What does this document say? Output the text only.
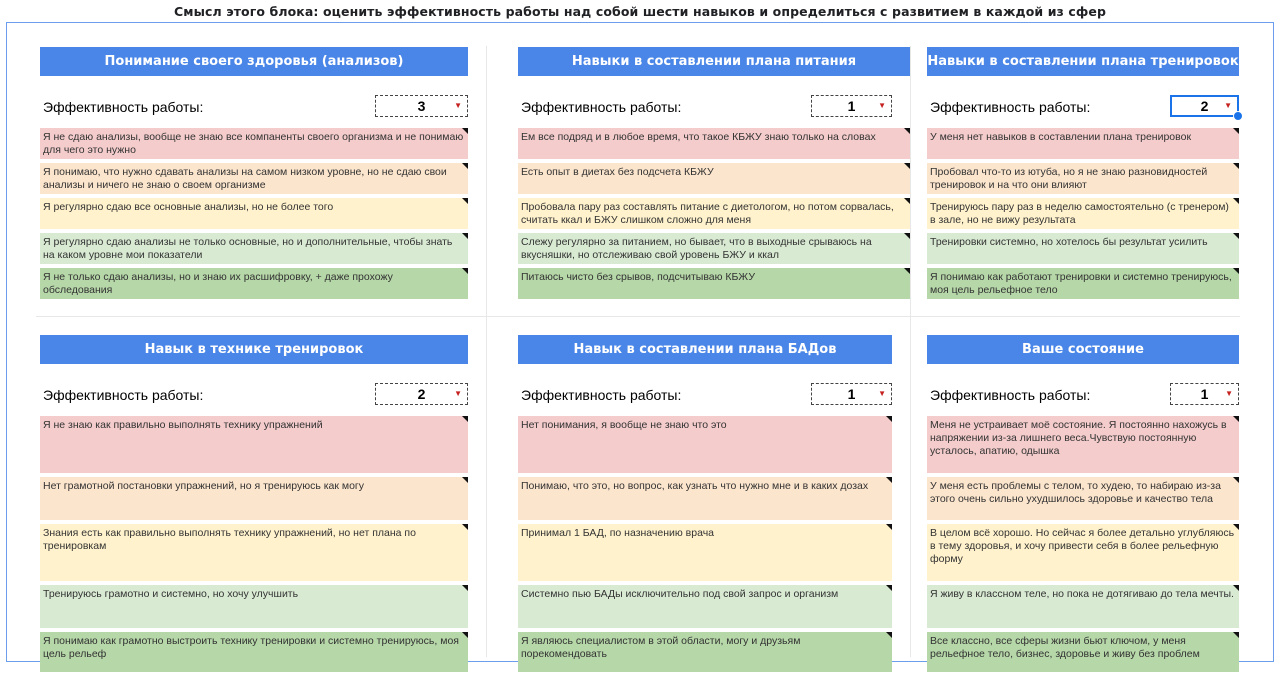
Смысл этого блока: оценить эффективность работы над собой шести навыков и определиться с развитием в каждой из сфер
Понимание своего здоровья (анализов)
Эффективность работы:	3	▼
Я не сдаю анализы, вообще не знаю все компаненты своего организма и не понимаю для чего это нужно
Я понимаю, что нужно сдавать анализы на самом низком уровне, но не сдаю свои анализы и ничего не знаю о своем организме
Я регулярно сдаю все основные анализы, но не более того
Я регулярно сдаю анализы не только основные, но и дополнительные, чтобы знать на каком уровне мои показатели
Я не только сдаю анализы, но и знаю их расшифровку, + даже прохожу обследования
Навыки в составлении плана питания
Эффективность работы:	1	▼
Ем все подряд и в любое время, что такое КБЖУ знаю только на словах
Есть опыт в диетах без подсчета КБЖУ
Пробовала пару раз составлять питание с диетологом, но потом сорвалась, считать ккал и БЖУ слишком сложно для меня
Слежу регулярно за питанием, но бывает, что в выходные срываюсь на вкусняшки, но отслеживаю свой уровень БЖУ и ккал
Питаюсь чисто без срывов, подсчитываю КБЖУ
Навыки в составлении плана тренировок
Эффективность работы:	2 ▼
У меня нет навыков в составлении плана тренировок
Пробовал что-то из ютуба, но я не знаю разновидностей тренировок и на что они влияют
Тренируюсь пару раз в неделю самостоятельно (с тренером) в зале, но не вижу результата
Тренировки системно, но хотелось бы результат усилить
Я понимаю как работают тренировки и системно тренируюсь, моя цель рельефное тело
Навык в технике тренировок
Эффективность работы:	2	▼
Я не знаю как правильно выполнять технику упражнений
Нет грамотной постановки упражнений, но я тренируюсь как могу
Знания есть как правильно выполнять технику упражнений, но нет плана по тренировкам
Тренируюсь грамотно и системно, но хочу улучшить
Я понимаю как грамотно выстроить технику тренировки и системно тренируюсь, моя цель рельеф
Навык в составлении плана БАДов
Эффективность работы:	1	▼
Нет понимания, я вообще не знаю что это
Понимаю, что это, но вопрос, как узнать что нужно мне и в каких дозах
Принимал 1 БАД, по назначению врача
Системно пью БАДы исключительно под свой запрос и организм
Я являюсь специалистом в этой области, могу и друзьям порекомендовать
Ваше состояние
Эффективность работы:	1 ▼
Меня не устраивает моё состояние. Я постоянно нахожусь в напряжении из-за лишнего веса.Чувствую постоянную усталось, апатию, одышка
У меня есть проблемы с телом, то худею, то набираю из-за этого очень сильно ухудшилось здоровье и качество тела
В целом всё хорошо. Но сейчас я более детально углубляюсь в тему здоровья, и хочу привести себя в более рельефную форму
Я живу в классном теле, но пока не дотягиваю до тела мечты.
Все классно, все сферы жизни бьют ключом, у меня рельефное тело, бизнес, здоровье и живу без проблем
